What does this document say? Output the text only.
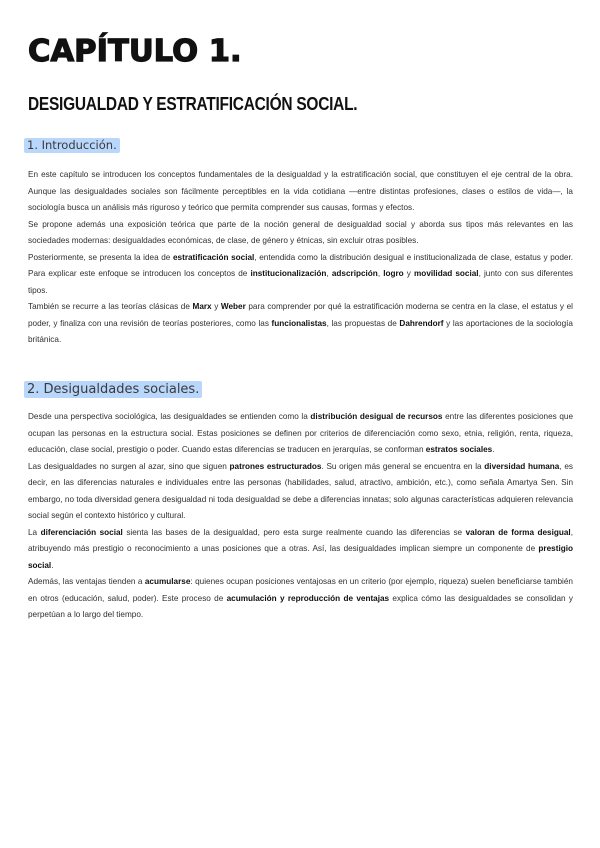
CAPÍTULO 1.
DESIGUALDAD Y ESTRATIFICACIÓN SOCIAL.
1. Introducción.

En este capítulo se introducen los conceptos fundamentales de la desigualdad y la estratificación social, que constituyen el eje central de la obra. Aunque las desigualdades sociales son fácilmente perceptibles en la vida cotidiana —entre distintas profesiones, clases o estilos de vida—, la sociología busca un análisis más riguroso y teórico que permita comprender sus causas, formas y efectos.

Se propone además una exposición teórica que parte de la noción general de desigualdad social y aborda sus tipos más relevantes en las sociedades modernas: desigualdades económicas, de clase, de género y étnicas, sin excluir otras posibles.

Posteriormente, se presenta la idea de estratificación social, entendida como la distribución desigual e institucionalizada de clase, estatus y poder. Para explicar este enfoque se introducen los conceptos de institucionalización, adscripción, logro y movilidad social, junto con sus diferentes tipos.

También se recurre a las teorías clásicas de Marx y Weber para comprender por qué la estratificación moderna se centra en la clase, el estatus y el poder, y finaliza con una revisión de teorías posteriores, como las funcionalistas, las propuestas de Dahrendorf y las aportaciones de la sociología británica.

2. Desigualdades sociales.

Desde una perspectiva sociológica, las desigualdades se entienden como la distribución desigual de recursos entre las diferentes posiciones que ocupan las personas en la estructura social. Estas posiciones se definen por criterios de diferenciación como sexo, etnia, religión, renta, riqueza, educación, clase social, prestigio o poder. Cuando estas diferencias se traducen en jerarquías, se conforman estratos sociales.

Las desigualdades no surgen al azar, sino que siguen patrones estructurados. Su origen más general se encuentra en la diversidad humana, es decir, en las diferencias naturales e individuales entre las personas (habilidades, salud, atractivo, ambición, etc.), como señala Amartya Sen. Sin embargo, no toda diversidad genera desigualdad ni toda desigualdad se debe a diferencias innatas; solo algunas características adquieren relevancia social según el contexto histórico y cultural.

La diferenciación social sienta las bases de la desigualdad, pero esta surge realmente cuando las diferencias se valoran de forma desigual, atribuyendo más prestigio o reconocimiento a unas posiciones que a otras. Así, las desigualdades implican siempre un componente de prestigio social.

Además, las ventajas tienden a acumularse: quienes ocupan posiciones ventajosas en un criterio (por ejemplo, riqueza) suelen beneficiarse también en otros (educación, salud, poder). Este proceso de acumulación y reproducción de ventajas explica cómo las desigualdades se consolidan y perpetúan a lo largo del tiempo.
